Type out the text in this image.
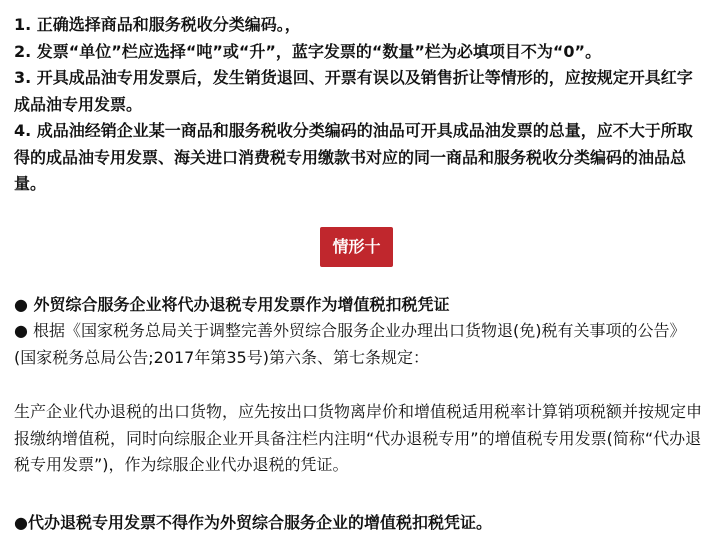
1. 正确选择商品和服务税收分类编码。，

2. 发票“单位”栏应选择“吨”或“升”，蓝字发票的“数量”栏为必填项目不为“0”。

3. 开具成品油专用发票后，发生销货退回、开票有误以及销售折让等情形的，应按规定开具红字成品油专用发票。

4. 成品油经销企业某一商品和服务税收分类编码的油品可开具成品油发票的总量，应不大于所取得的成品油专用发票、海关进口消费税专用缴款书对应的同一商品和服务税收分类编码的油品总量。

情形十

● 外贸综合服务企业将代办退税专用发票作为增值税扣税凭证

● 根据《国家税务总局关于调整完善外贸综合服务企业办理出口货物退(免)税有关事项的公告》　(国家税务总局公告;2017年第35号)第六条、第七条规定：

生产企业代办退税的出口货物，应先按出口货物离岸价和增值税适用税率计算销项税额并按规定申报缴纳增值税，同时向综服企业开具备注栏内注明“代办退税专用”的增值税专用发票(简称“代办退税专用发票”)，作为综服企业代办退税的凭证。

●代办退税专用发票不得作为外贸综合服务企业的增值税扣税凭证。
